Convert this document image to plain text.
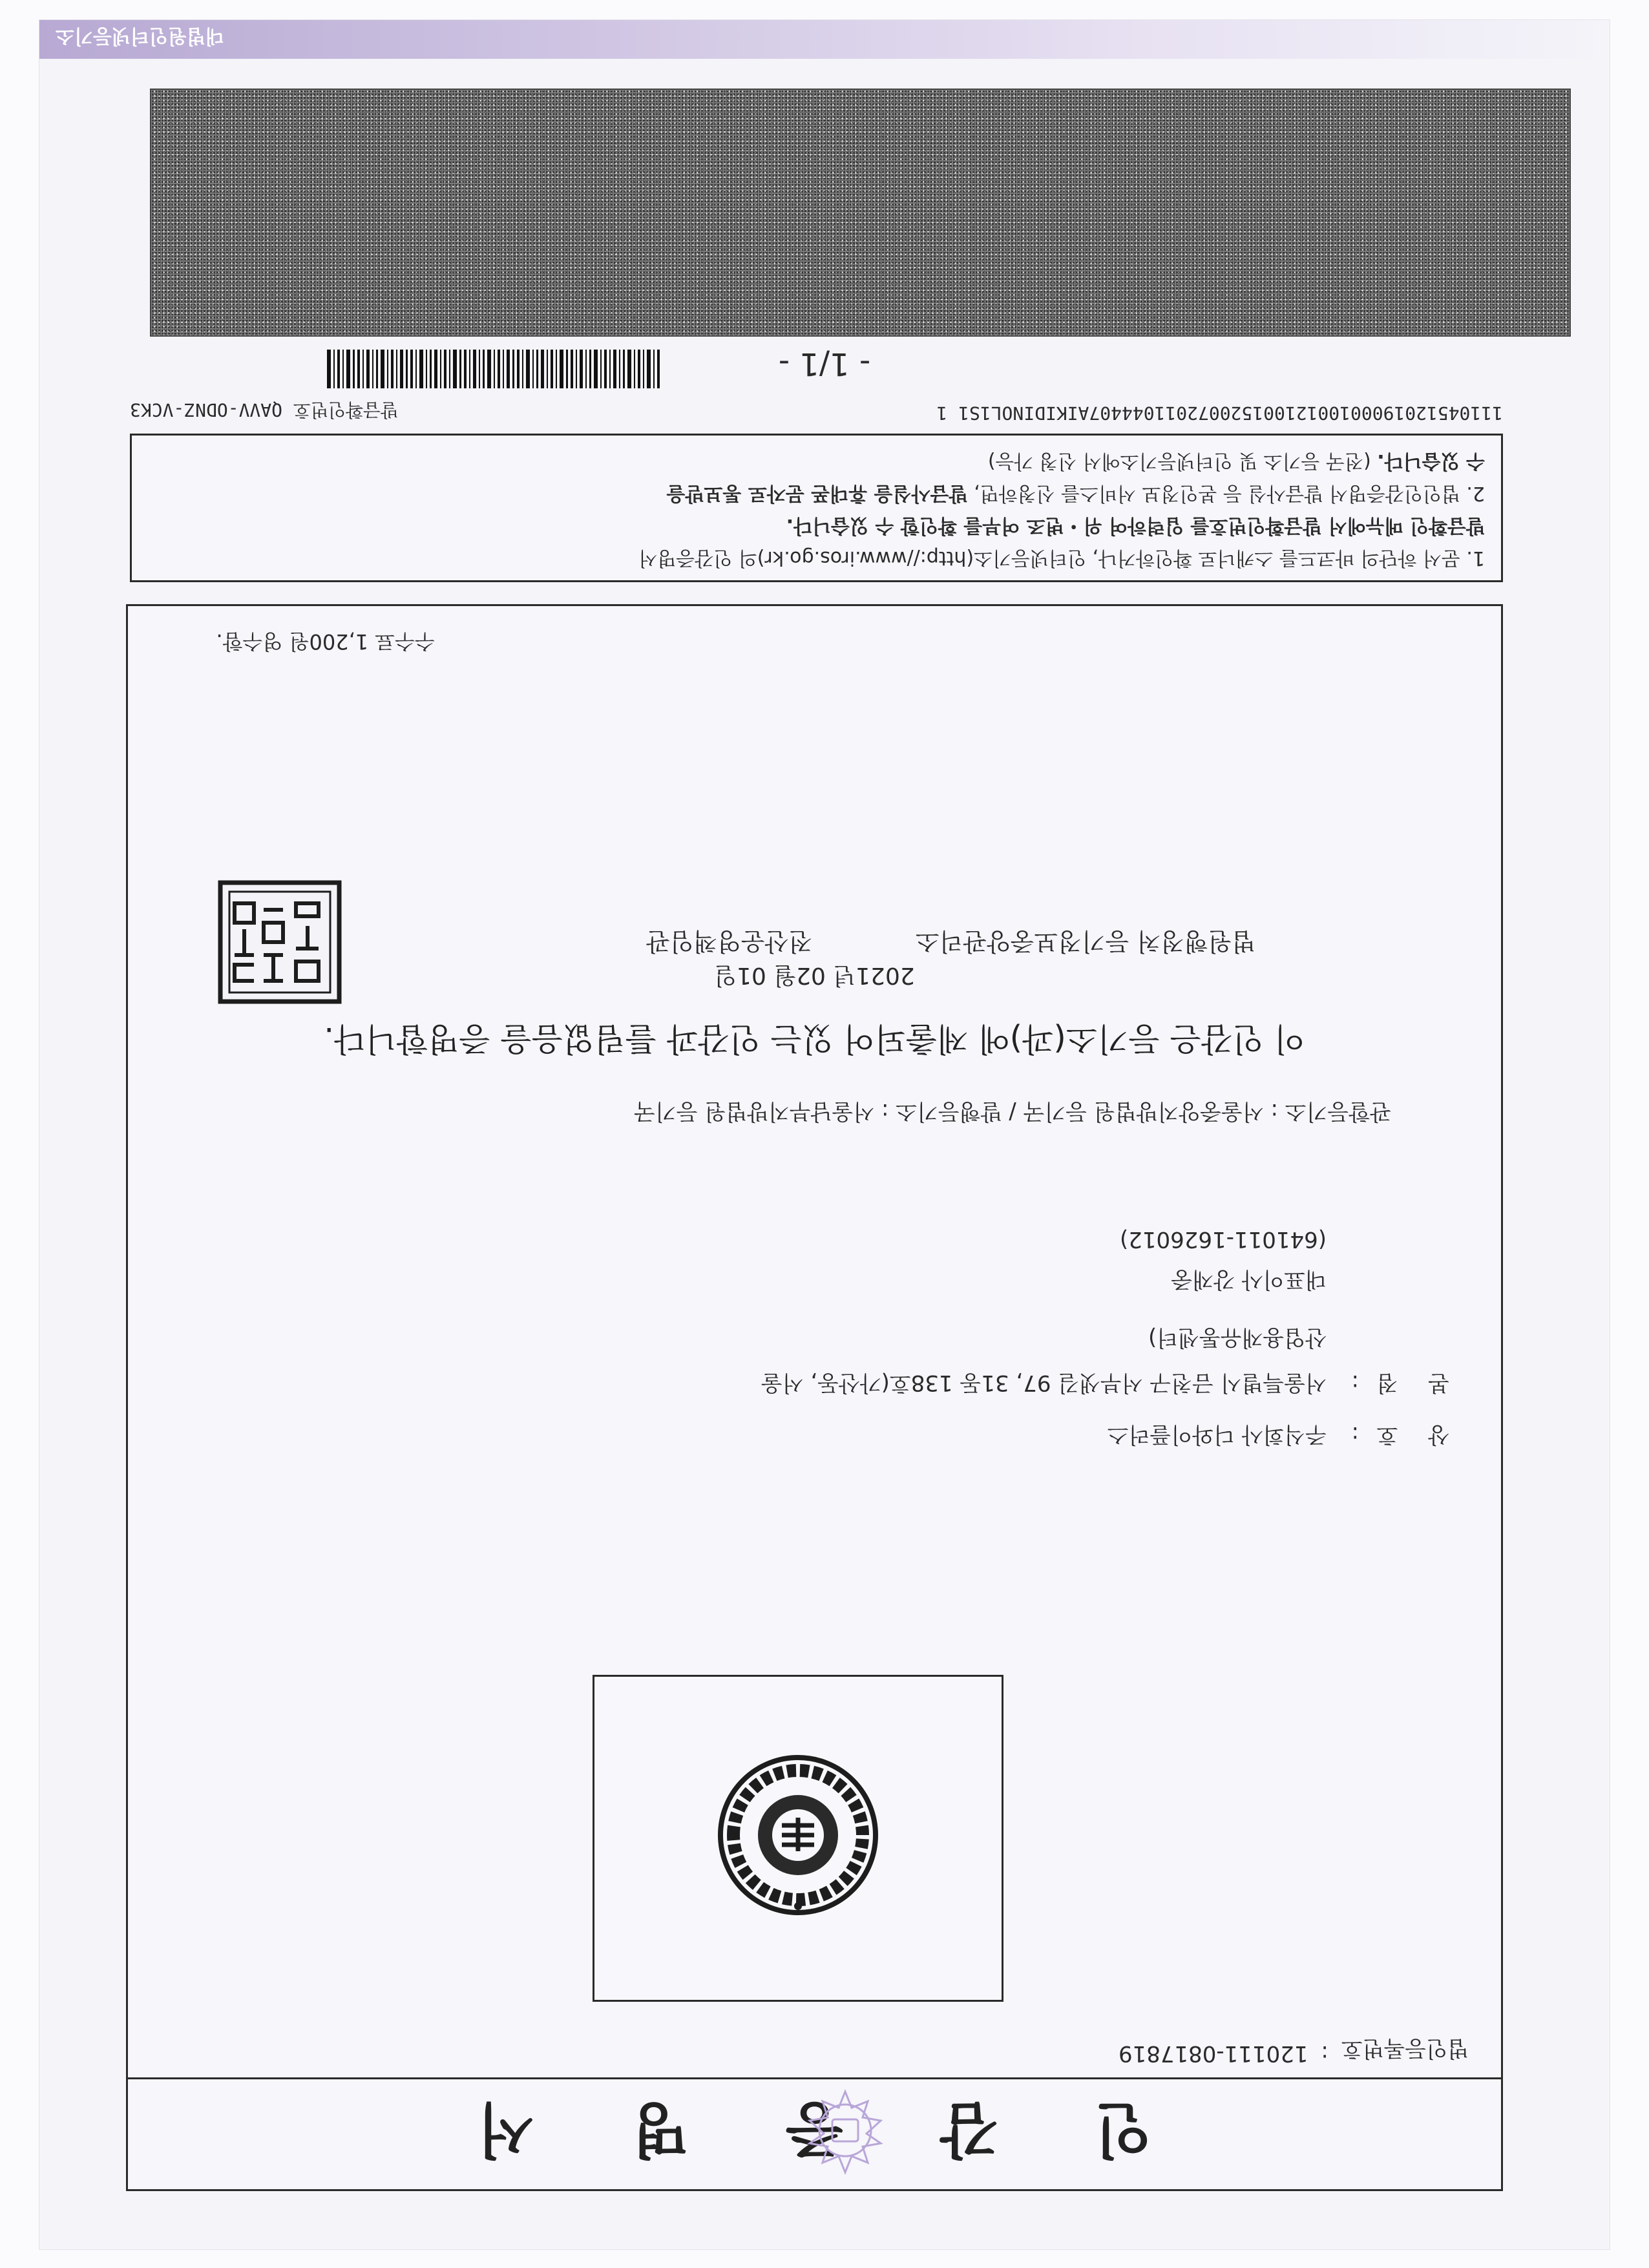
인
감
증
명
서
법인등록번호
:
120111-0817819
상 호:주식회사 디와이플러스
본 점:서울특별시 금천구 서부샛길 97, 31동 138호(가산동, 서울
산업용재유통센터)
대표이사 강재중
(641011-1626012)
관할등기소 : 서울중앙지방법원 등기국 / 발행등기소 : 서울남부지방법원 등기국
이 인감은 등기소(과)에 제출되어 있는 인감과 틀림없음을 증명합니다.
2021년 02월 01일
법원행정처 등기정보중앙관리소
전산운영책임관
수수료 1,200원 영수함.
1. 문서 하단의 바코드를 스캐너로 확인하거나, 인터넷등기소(http://www.iros.go.kr)의 인감증명서
발급확인 메뉴에서 발급확인번호를 입력하여 위・변조 여부를 확인할 수 있습니다.
2. 법인인감증명서 발급사실 등 본인정보 서비스를 신청하면, 발급사실을 휴대폰 문자로 통보받을
수 있습니다. (전국 등기소 및 인터넷등기소에서 신청 가능)
11104512019000100121001520072011044407AIKIDINOL1S1 1
발급확인번호 QAVV-ODNZ-VCK3
- 1/1 -
대법원인터넷등기소
